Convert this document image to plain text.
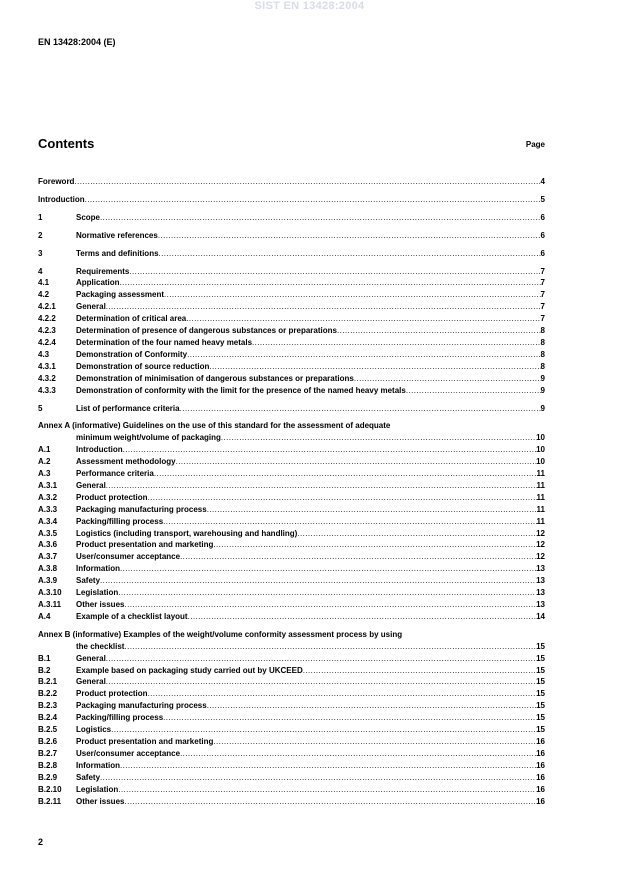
SIST EN 13428:2004
EN 13428:2004 (E)
Contents	Page
Foreword .....	4
Introduction .....	5
1	Scope .....	6
2	Normative references .....	6
3	Terms and definitions .....	6
4	Requirements .....	7
4.1	Application .....	7
4.2	Packaging assessment .....	7
4.2.1	General .....	7
4.2.2	Determination of critical area .....	7
4.2.3	Determination of presence of dangerous substances or preparations .....	8
4.2.4	Determination of the four named heavy metals .....	8
4.3	Demonstration of Conformity .....	8
4.3.1	Demonstration of source reduction .....	8
4.3.2	Demonstration of minimisation of dangerous substances or preparations .....	9
4.3.3	Demonstration of conformity with the limit for the presence of the named heavy metals .....	9
5	List of performance criteria .....	9
Annex A (informative) Guidelines on the use of this standard for the assessment of adequate
minimum weight/volume of packaging .....	10
A.1	Introduction .....	10
A.2	Assessment methodology .....	10
A.3	Performance criteria .....	11
A.3.1	General .....	11
A.3.2	Product protection .....	11
A.3.3	Packaging manufacturing process .....	11
A.3.4	Packing/filling process .....	11
A.3.5	Logistics (including transport, warehousing and handling) .....	12
A.3.6	Product presentation and marketing .....	12
A.3.7	User/consumer acceptance .....	12
A.3.8	Information .....	13
A.3.9	Safety .....	13
A.3.10	Legislation .....	13
A.3.11	Other issues .....	13
A.4	Example of a checklist layout .....	14
Annex B (informative) Examples of the weight/volume conformity assessment process by using
the checklist .....	15
B.1	General .....	15
B.2	Example based on packaging study carried out by UKCEED .....	15
B.2.1	General .....	15
B.2.2	Product protection .....	15
B.2.3	Packaging manufacturing process .....	15
B.2.4	Packing/filling process .....	15
B.2.5	Logistics .....	15
B.2.6	Product presentation and marketing .....	16
B.2.7	User/consumer acceptance .....	16
B.2.8	Information .....	16
B.2.9	Safety .....	16
B.2.10	Legislation .....	16
B.2.11	Other issues .....	16
2
